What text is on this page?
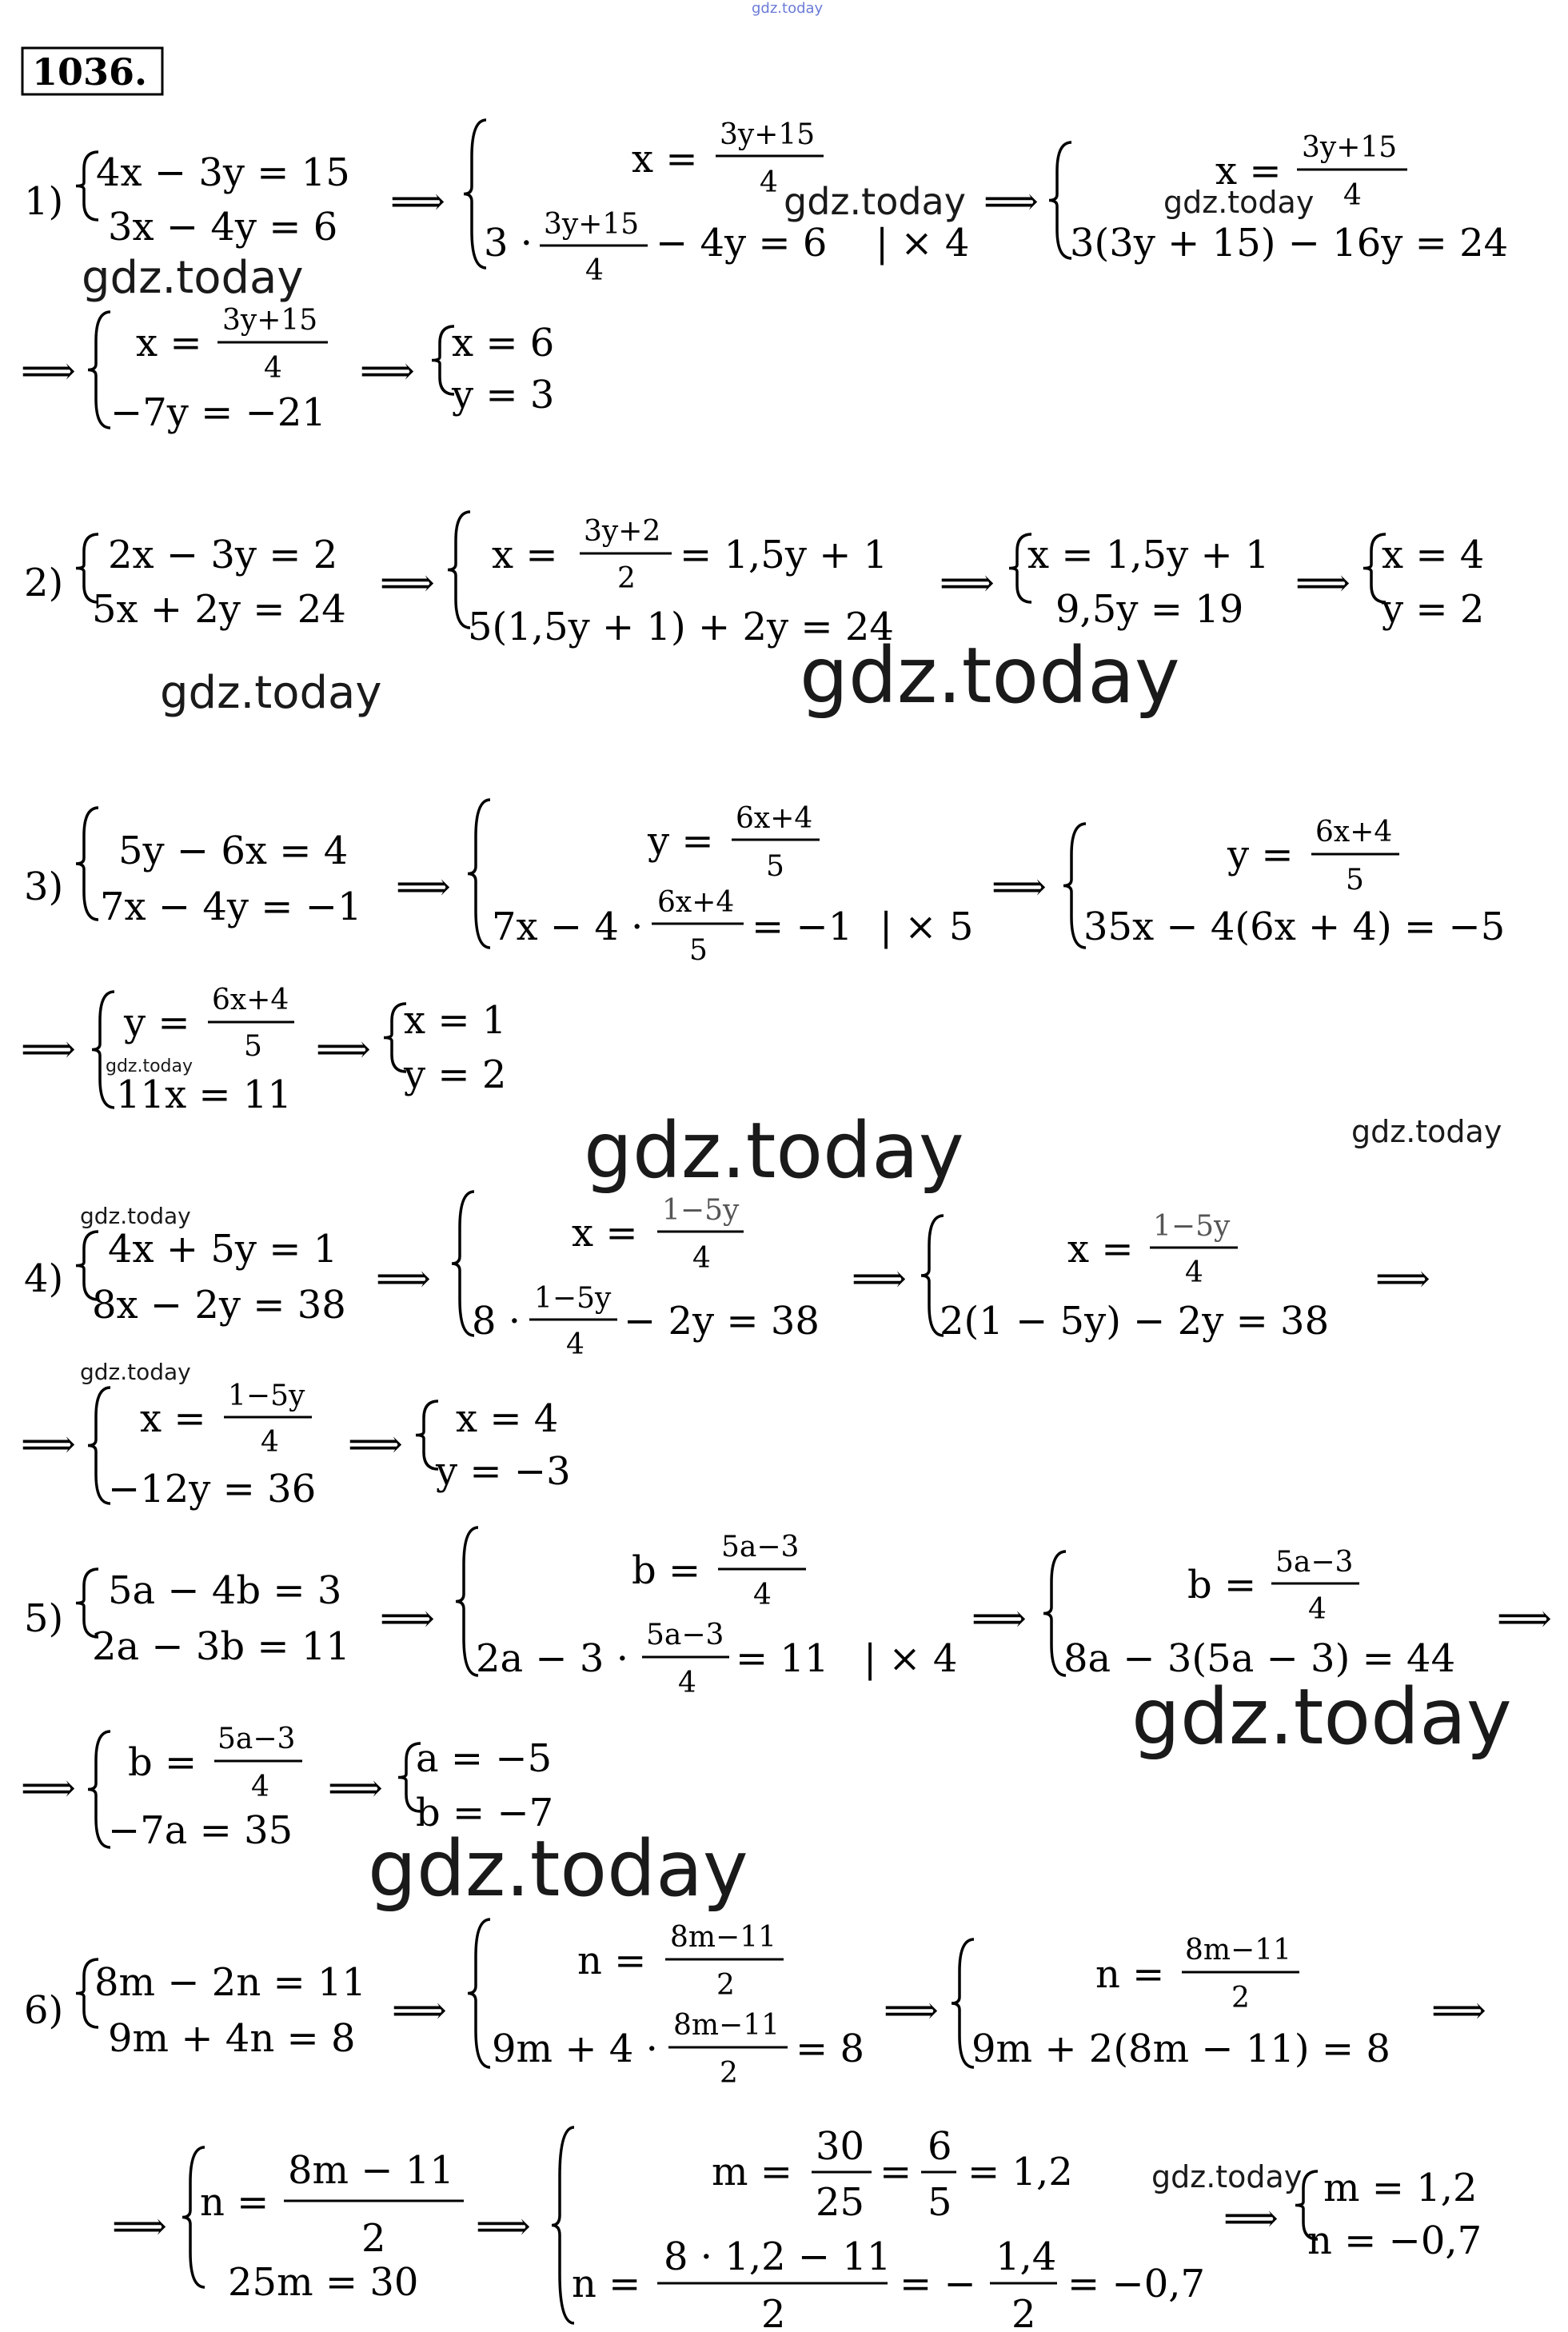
1036.
gdz.today
1)
4x − 3y = 15
3x − 4y = 6
⟹
x =
3y+15
4 gdz.today
3 · 3y+15
4
− 4y = 6 | × 4
⟹
x =
3y+15
4
gdz.today
3(3y + 15) − 16y = 24
⟹
x =
3y+15
4
−7y = −21
gdz.today
⟹
x = 6
y = 3
2)
2x − 3y = 2
5x + 2y = 24
⟹
x =
3y+2
2
= 1,5y + 1
5(1,5y + 1) + 2y = 24
⟹
x = 1,5y + 1
9,5y = 19
⟹
x = 4
y = 2
gdz.today	gdz.today
3)
5y − 6x = 4
7x − 4y = −1 ⟹
y =
6x+4
5
7x − 4 ·
6x+4
5
= −1 | × 5
⟹
y =
6x+4
5
35x − 4(6x + 4) = −5
⟹
y =
6x+4
5
gdz.today
11x = 11
⟹
x = 1
y = 2
gdz.today	gdz.today
gdz.today
4)
4x + 5y = 1
8x − 2y = 38
⟹
x =
1−5y
4
8 ·
1−5y
4
− 2y = 38
⟹
x =
1−5y
4
2(1 − 5y) − 2y = 38
⟹
gdz.today
⟹
x =
1−5y
4
−12y = 36
⟹
x = 4
y = −3
5)
5a − 4b = 3
2a − 3b = 11
⟹
b =
5a−3
4
2a − 3 ·
5a−3
4
= 11 | × 4
⟹
b =
5a−3
4
8a − 3(5a − 3) = 44
⟹
gdz.today
⟹
b =
5a−3
4
−7a = 35
⟹
a = −5
b = −7
gdz.today
6)
8m − 2n = 11
9m + 4n = 8
⟹
n =
8m−11
2
9m + 4 ·
8m−11
2
= 8
⟹
n =
8m−11
2
9m + 2(8m − 11) = 8
⟹
⟹
n =
8m − 11
2
25m = 30
⟹
m =
30
25
=
6
5
= 1,2
n =
8 · 1,2 − 11
2
= −
1,4
2
= −0,7
gdz.today
⟹
m = 1,2
n = −0,7
